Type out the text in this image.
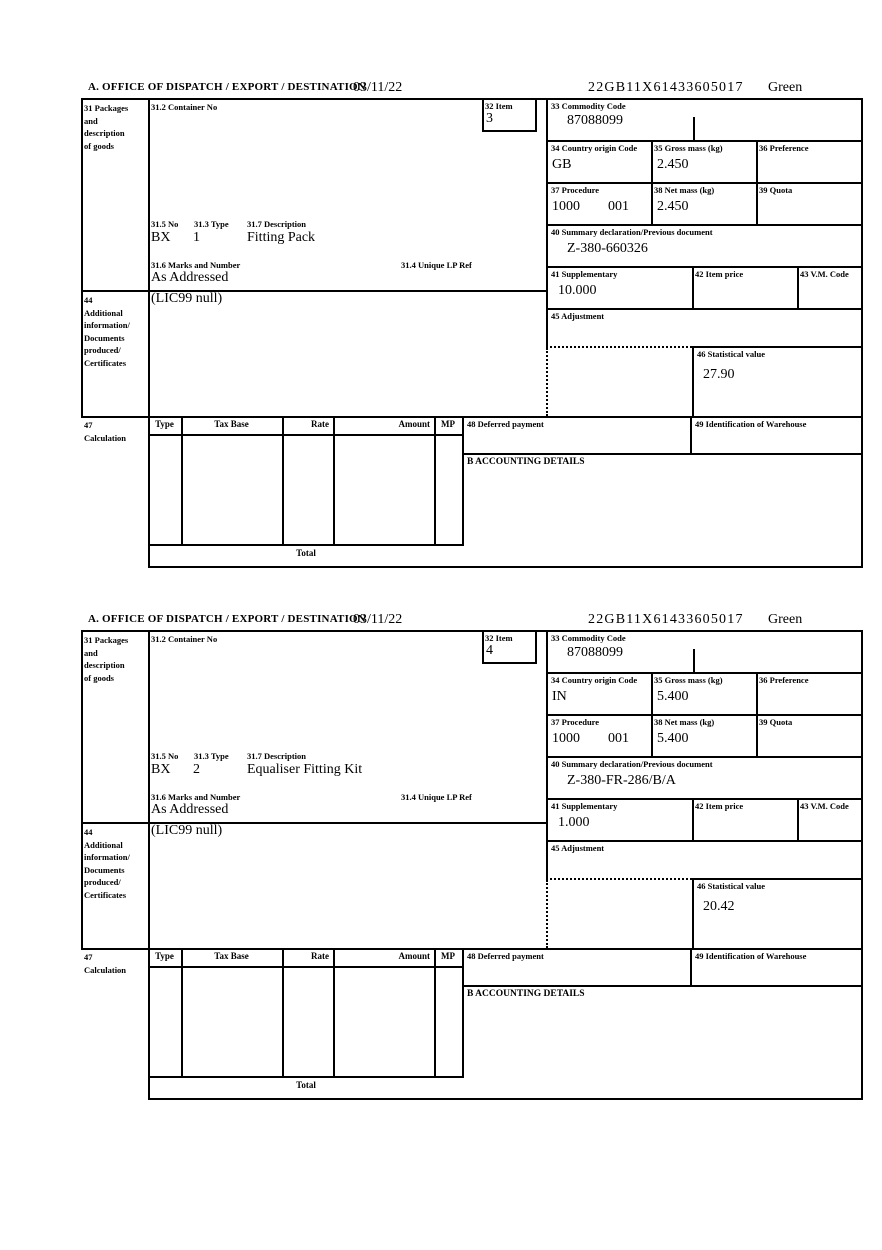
A. OFFICE OF DISPATCH / EXPORT / DESTINATION
03/11/22	22GB11X61433605017 Green
31 Packages
and
description
of goods
31.2 Container No	32 Item
3
31.5 No 31.3 Type 31.7 Description
BX 1	Fitting Pack
31.6 Marks and Number	31.4 Unique LP Ref
As Addressed
33 Commodity Code
87088099
34 Country origin Code
GB
35 Gross mass (kg)
2.450
36 Preference
37 Procedure
1000 001
38 Net mass (kg)
2.450
39 Quota
40 Summary declaration/Previous document
Z-380-660326
41 Supplementary
10.000
42 Item price	43 V.M. Code
45 Adjustment
46 Statistical value
27.90
44
Additional
information/
Documents
produced/
Certificates
(LIC99 null)
47
Calculation
Type	Tax Base	Rate	Amount	MP
Total
48 Deferred payment	49 Identification of Warehouse
B ACCOUNTING DETAILS
A. OFFICE OF DISPATCH / EXPORT / DESTINATION
03/11/22	22GB11X61433605017 Green
31 Packages
and
description
of goods
31.2 Container No	32 Item
4
31.5 No 31.3 Type 31.7 Description
BX 2	Equaliser Fitting Kit
31.6 Marks and Number	31.4 Unique LP Ref
As Addressed
33 Commodity Code
87088099
34 Country origin Code
IN
35 Gross mass (kg)
5.400
36 Preference
37 Procedure
1000 001
38 Net mass (kg)
5.400
39 Quota
40 Summary declaration/Previous document
Z-380-FR-286/B/A
41 Supplementary
1.000
42 Item price	43 V.M. Code
45 Adjustment
46 Statistical value
20.42
44
Additional
information/
Documents
produced/
Certificates
(LIC99 null)
47
Calculation
Type	Tax Base	Rate	Amount	MP
Total
48 Deferred payment	49 Identification of Warehouse
B ACCOUNTING DETAILS
